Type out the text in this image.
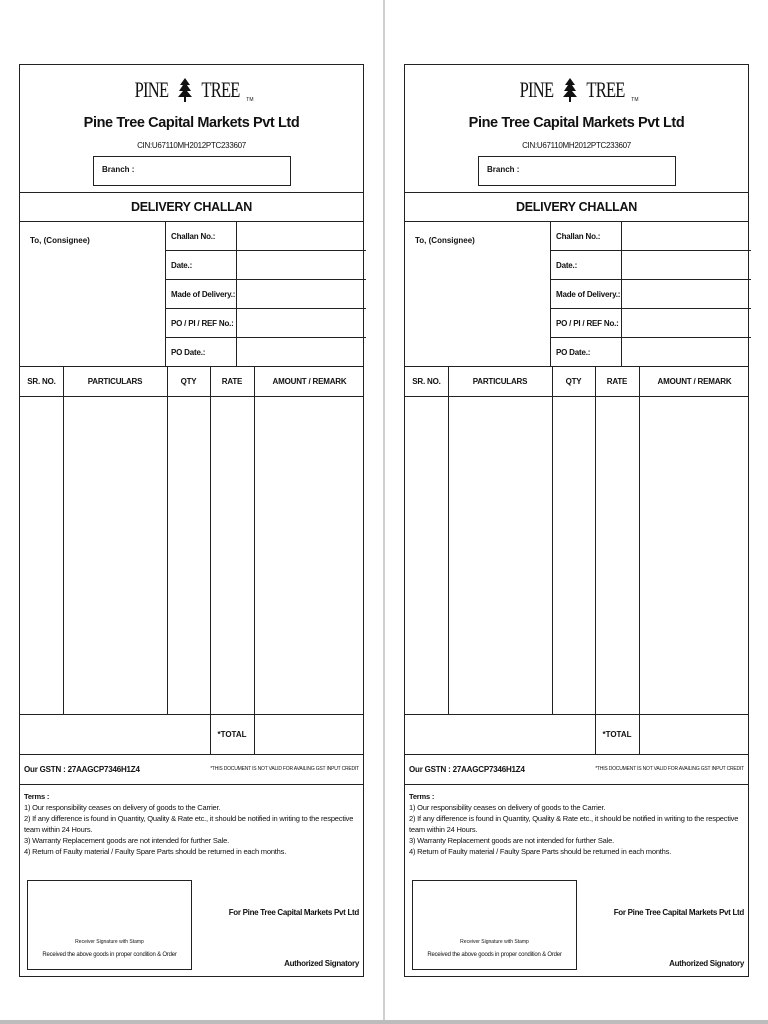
PINE TREE TM
Pine Tree Capital Markets Pvt Ltd
CIN:U67110MH2012PTC233607
Branch :
DELIVERY CHALLAN
To, (Consignee)	Challan No.:
Date.:
Made of Delivery.:
PO / PI / REF No.:
PO Date.:
SR. NO.	PARTICULARS	QTY	RATE	AMOUNT / REMARK
*TOTAL
Our GSTN : 27AAGCP7346H1Z4	*THIS DOCUMENT IS NOT VALID FOR AVAILING GST INPUT CREDIT
Terms :
1) Our responsibility ceases on delivery of goods to the Carrier.
2) If any difference is found in Quantity, Quality & Rate etc., it should be notified in writing to the respective team within 24 Hours.
3) Warranty Replacement goods are not intended for further Sale.
4) Return of Faulty material / Faulty Spare Parts should be returned in each months.
Receiver Signature with Stamp
Received the above goods in proper condition & Order
For Pine Tree Capital Markets Pvt Ltd
Authorized Signatory
PINE TREE TM
Pine Tree Capital Markets Pvt Ltd
CIN:U67110MH2012PTC233607
Branch :
DELIVERY CHALLAN
To, (Consignee)	Challan No.:
Date.:
Made of Delivery.:
PO / PI / REF No.:
PO Date.:
SR. NO.	PARTICULARS	QTY	RATE	AMOUNT / REMARK
*TOTAL
Our GSTN : 27AAGCP7346H1Z4	*THIS DOCUMENT IS NOT VALID FOR AVAILING GST INPUT CREDIT
Terms :
1) Our responsibility ceases on delivery of goods to the Carrier.
2) If any difference is found in Quantity, Quality & Rate etc., it should be notified in writing to the respective team within 24 Hours.
3) Warranty Replacement goods are not intended for further Sale.
4) Return of Faulty material / Faulty Spare Parts should be returned in each months.
Receiver Signature with Stamp
Received the above goods in proper condition & Order
For Pine Tree Capital Markets Pvt Ltd
Authorized Signatory
